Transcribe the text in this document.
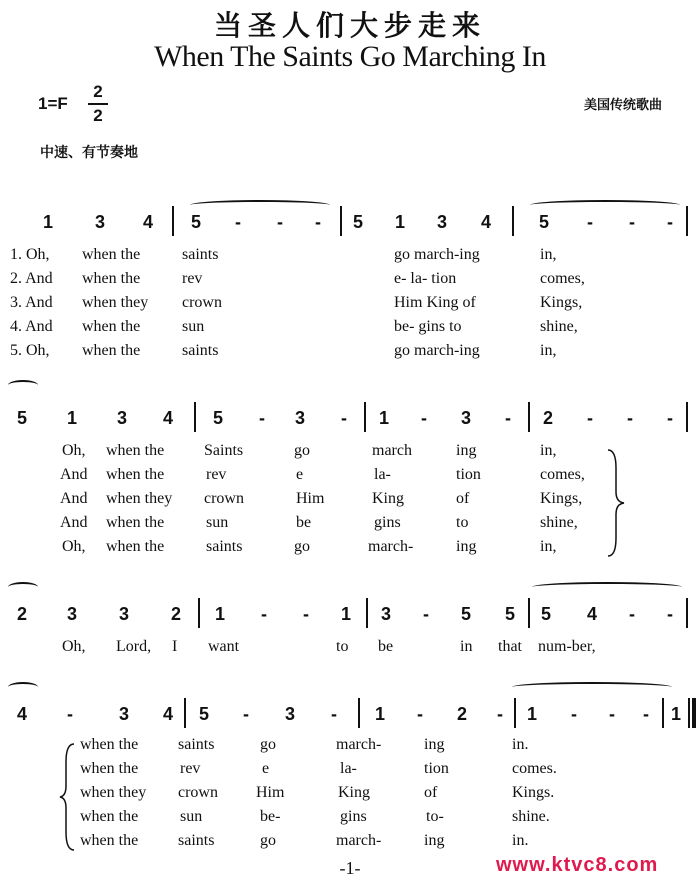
当圣人们大步走来
When The Saints Go Marching In
1=F
2
2
美国传统歌曲
中速、有节奏地
1 3 4 5 - - - 5 1 3 4	5 - - -
1. Oh, when the	saints	go march-ing	in,
2. And when the	rev	e- la- tion	comes,
3. And when they crown	Him King of	Kings,
4. And when the	sun	be- gins to	shine,
5. Oh, when the	saints	go march-ing	in,
5 1 3 4 5 - 3 - 1 - 3 - 2 - - -
Oh, when the Saints	go	march	ing	in,
And when the	rev	e	la-	tion	comes,
And when they crown	Him	King	of	Kings,
And when the	sun	be	gins	to	shine,
Oh, when the	saints	go	march-	ing	in,
2 3 3 2 1 - - 1 3 - 5 5 5 4 - -
Oh, Lord, I want	to be	in that num-ber,
4 -	3 4 5 - 3 - 1 - 2 - 1 - - - 1
when the saints	go	march-	ing	in.
when the	rev	e	la-	tion	comes.
when they crown Him	King	of	Kings.
when the	sun	be-	gins	to-	shine.
when the saints	go	march-	ing	in.
-1-	www.ktvc8.com
